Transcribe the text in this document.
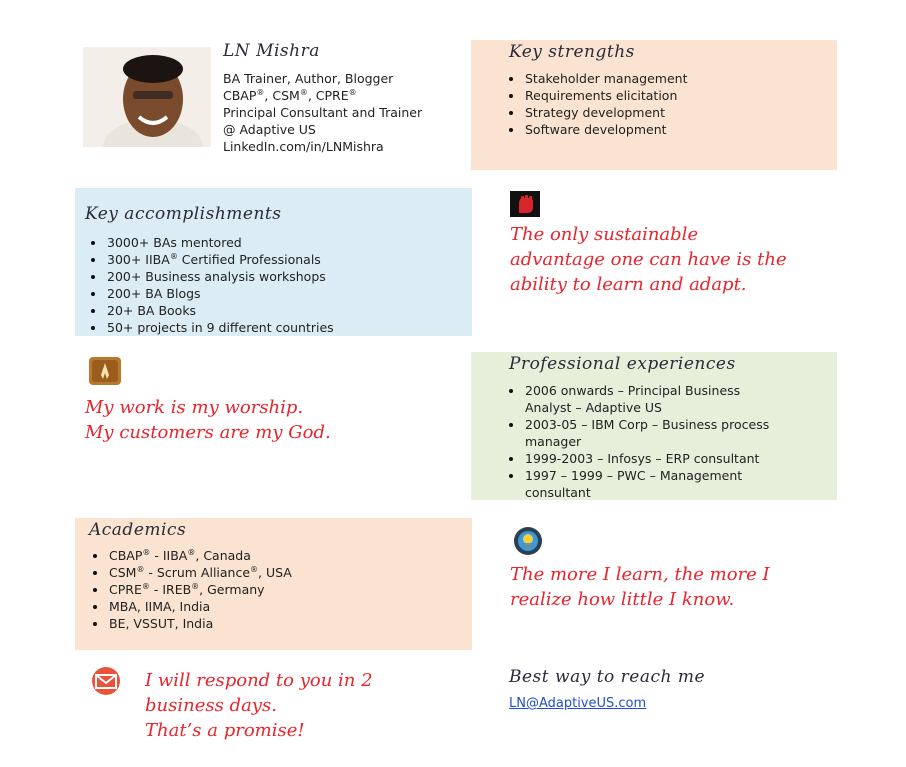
LN Mishra
BA Trainer, Author, Blogger
CBAP®, CSM®, CPRE®
Principal Consultant and Trainer
@ Adaptive US
LinkedIn.com/in/LNMishra
Key strengths
Stakeholder management
Requirements elicitation
Strategy development
Software development
Key accomplishments
3000+ BAs mentored
300+ IIBA® Certified Professionals
200+ Business analysis workshops
200+ BA Blogs
20+ BA Books
50+ projects in 9 different countries
The only sustainable
advantage one can have is the
ability to learn and adapt.
My work is my worship.
My customers are my God.
Professional experiences
2006 onwards – Principal Business
Analyst – Adaptive US
2003-05 – IBM Corp – Business process
manager
1999-2003 – Infosys – ERP consultant
1997 – 1999 – PWC – Management
consultant
Academics
CBAP® - IIBA®, Canada
CSM® - Scrum Alliance®, USA
CPRE® - IREB®, Germany
MBA, IIMA, India
BE, VSSUT, India
The more I learn, the more I
realize how little I know.
I will respond to you in 2
business days.
That’s a promise!
Best way to reach me
LN@AdaptiveUS.com
